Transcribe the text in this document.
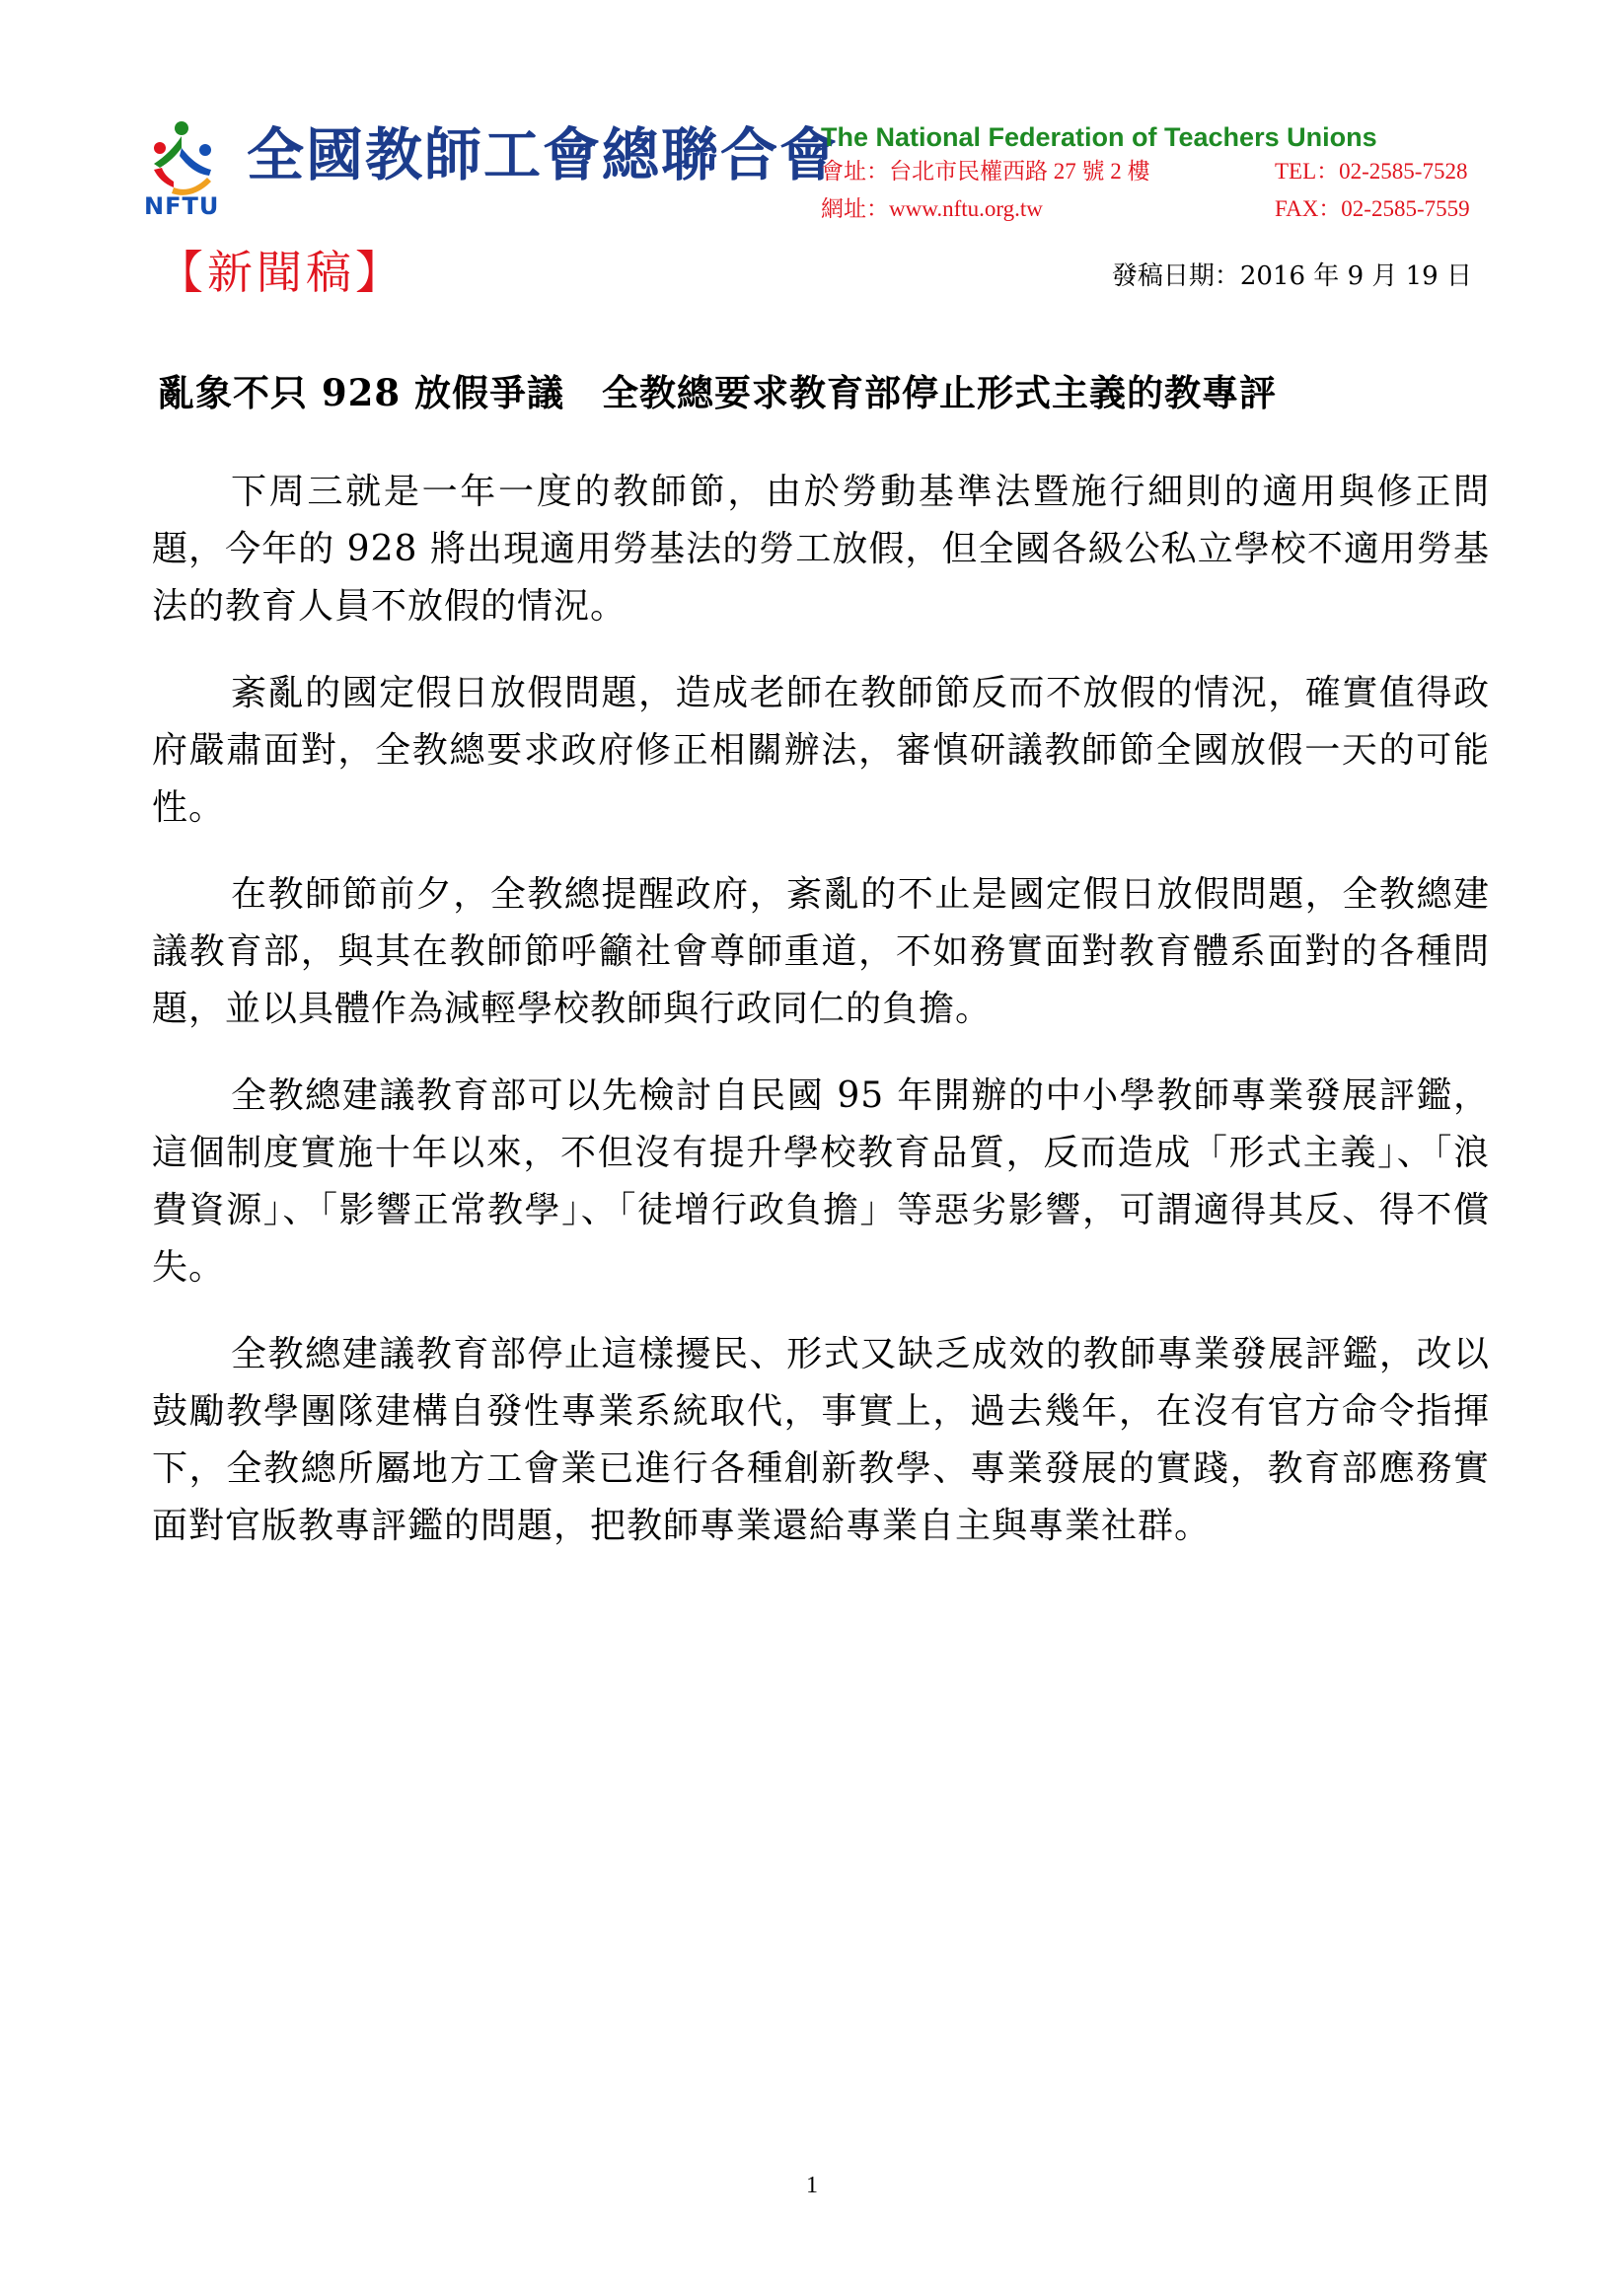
NFTU
全國教師工會總聯合會
The National Federation of Teachers Unions
會址：台北市民權西路 27 號 2 樓	TEL：02-2585-7528
網址：www.nftu.org.tw	FAX：02-2585-7559
【新聞稿】	發稿日期：2016 年 9 月 19 日
亂象不只 928 放假爭議　全教總要求教育部停止形式主義的教專評

下周三就是一年一度的教師節，由於勞動基準法暨施行細則的適用與修正問題，今年的 928 將出現適用勞基法的勞工放假，但全國各級公私立學校不適用勞基法的教育人員不放假的情況。

紊亂的國定假日放假問題，造成老師在教師節反而不放假的情況，確實值得政府嚴肅面對，全教總要求政府修正相關辦法，審慎研議教師節全國放假一天的可能性。

在教師節前夕，全教總提醒政府，紊亂的不止是國定假日放假問題，全教總建議教育部，與其在教師節呼籲社會尊師重道，不如務實面對教育體系面對的各種問題，並以具體作為減輕學校教師與行政同仁的負擔。

全教總建議教育部可以先檢討自民國 95 年開辦的中小學教師專業發展評鑑，這個制度實施十年以來，不但沒有提升學校教育品質，反而造成「形式主義」、「浪費資源」、「影響正常教學」、「徒增行政負擔」等惡劣影響，可謂適得其反、得不償失。

全教總建議教育部停止這樣擾民、形式又缺乏成效的教師專業發展評鑑，改以鼓勵教學團隊建構自發性專業系統取代，事實上，過去幾年，在沒有官方命令指揮下，全教總所屬地方工會業已進行各種創新教學、專業發展的實踐，教育部應務實面對官版教專評鑑的問題，把教師專業還給專業自主與專業社群。

1
